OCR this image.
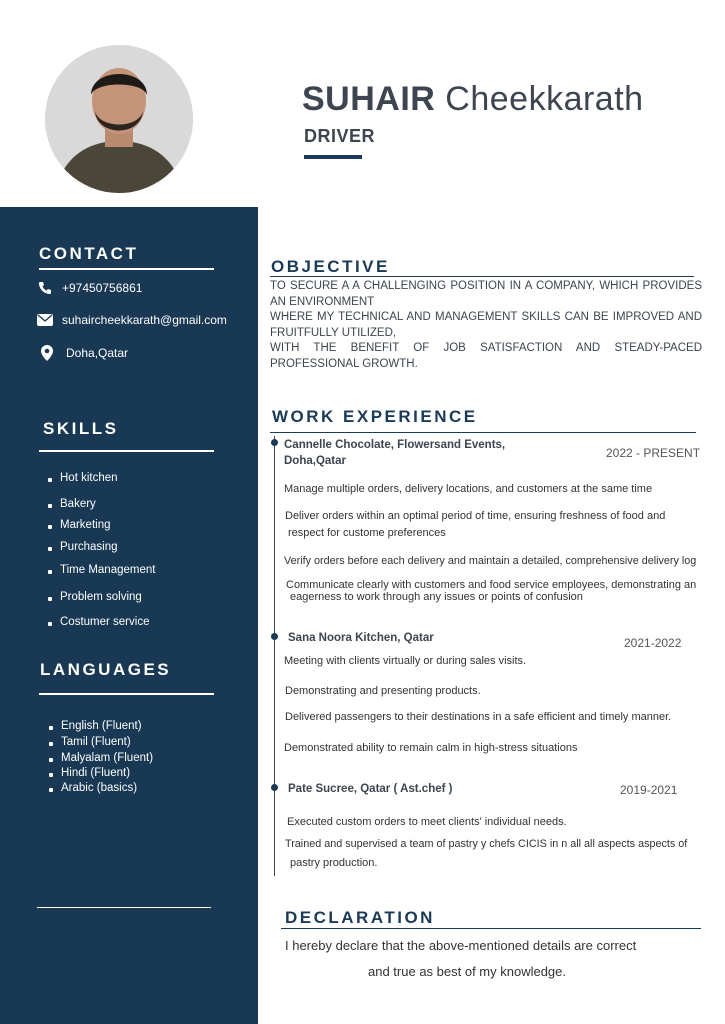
SUHAIR Cheekkarath
DRIVER
CONTACT
+97450756861
suhaircheekkarath@gmail.com
Doha,Qatar
SKILLS
Hot kitchen
Bakery
Marketing
Purchasing
Time Management
Problem solving
Costumer service
LANGUAGES
English (Fluent)
Tamil (Fluent)
Malyalam (Fluent)
Hindi (Fluent)
Arabic (basics)
OBJECTIVE

TO SECURE A A CHALLENGING POSITION IN A COMPANY, WHICH PROVIDES AN ENVIRONMENT

WHERE MY TECHNICAL AND MANAGEMENT SKILLS CAN BE IMPROVED AND FRUITFULLY UTILIZED,

WITH THE BENEFIT OF JOB SATISFACTION AND STEADY-PACED PROFESSIONAL GROWTH.

WORK EXPERIENCE
Cannelle Chocolate, Flowersand Events,
Doha,Qatar
2022 - PRESENT
Manage multiple orders, delivery locations, and customers at the same time
Deliver orders within an optimal period of time, ensuring freshness of food and
respect for custome preferences
Verify orders before each delivery and maintain a detailed, comprehensive delivery log
Communicate clearly with customers and food service employees, demonstrating an
eagerness to work through any issues or points of confusion
Sana Noora Kitchen, Qatar	2021-2022
Meeting with clients virtually or during sales visits.
Demonstrating and presenting products.
Delivered passengers to their destinations in a safe efficient and timely manner.
Demonstrated ability to remain calm in high-stress situations
Pate Sucree, Qatar ( Ast.chef )	2019-2021
Executed custom orders to meet clients' individual needs.
Trained and supervised a team of pastry y chefs CICIS in n all all aspects aspects of
pastry production.
DECLARATION
I hereby declare that the above-mentioned details are correct
and true as best of my knowledge.
